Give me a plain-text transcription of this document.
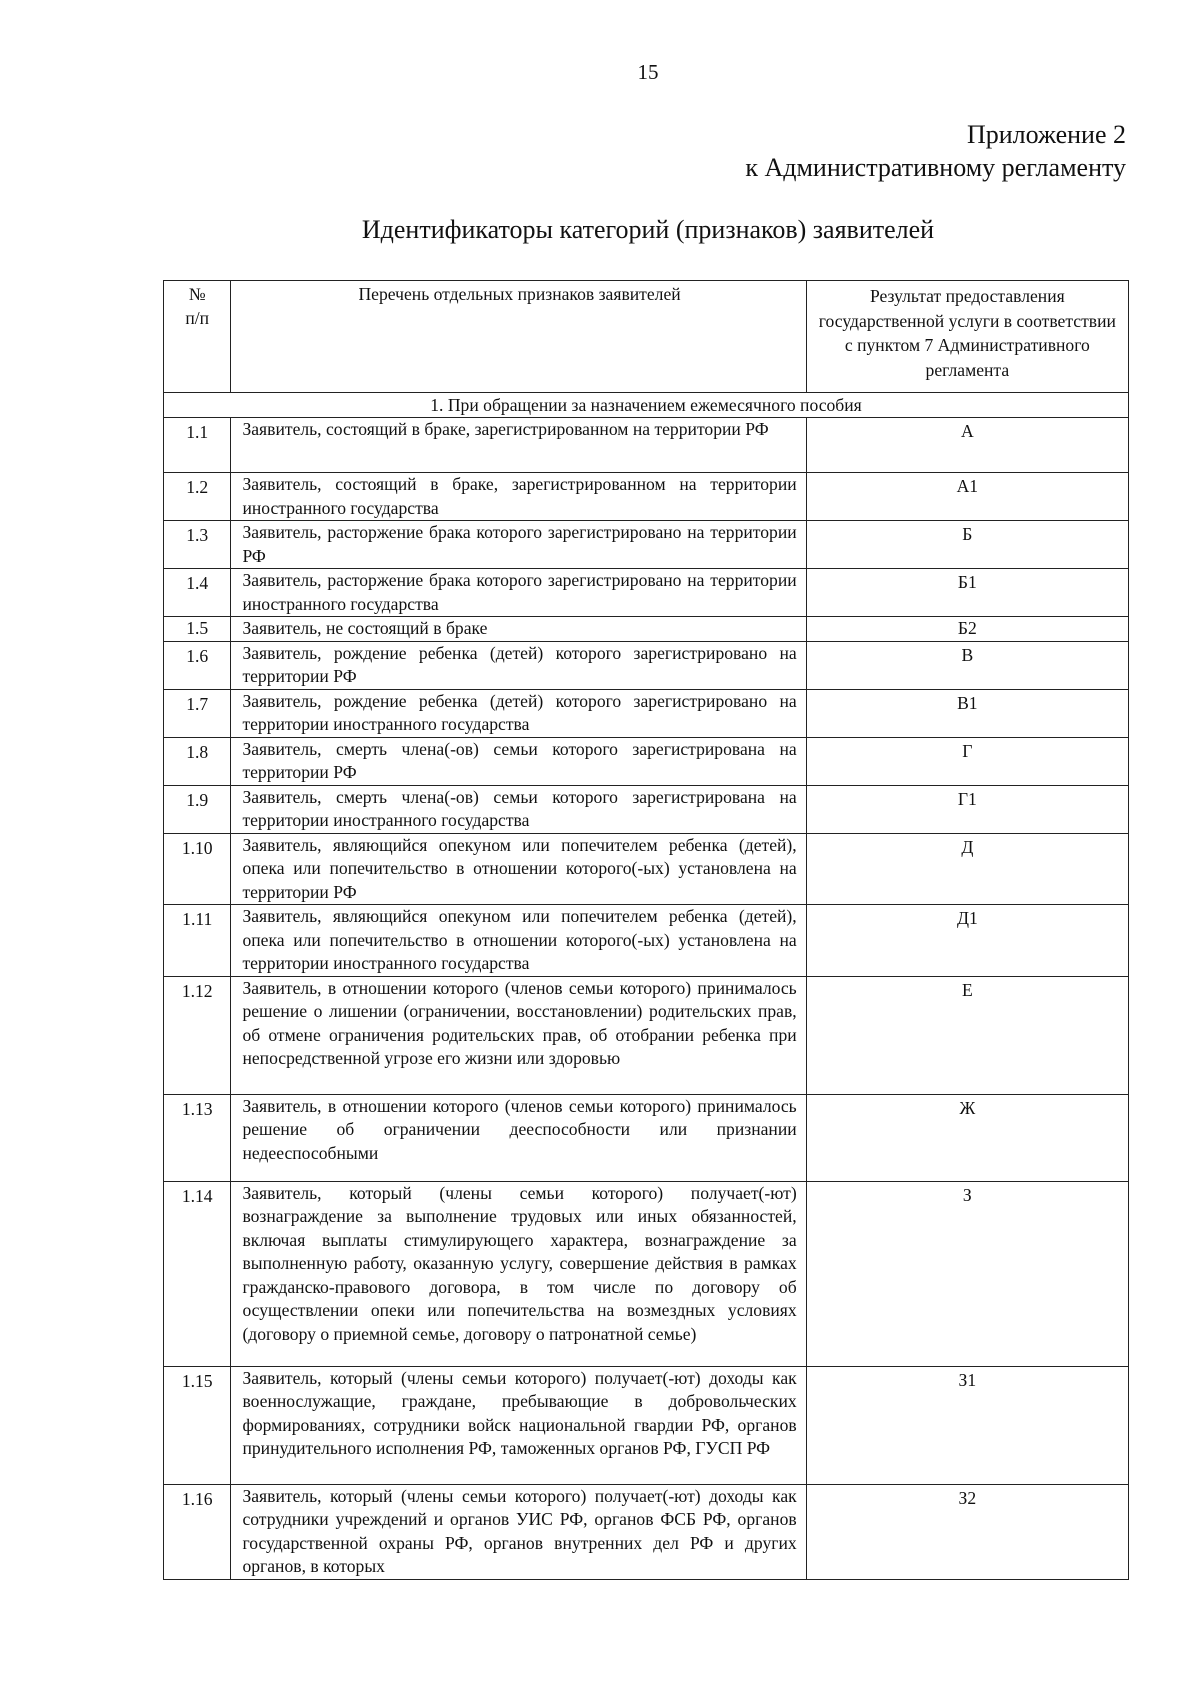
15
Приложение 2
к Административному регламенту
Идентификаторы категорий (признаков) заявителей
№
п/п	Перечень отдельных признаков заявителей	Результат предоставления государственной услуги в соответствии с пунктом 7 Административного регламента
1. При обращении за назначением ежемесячного пособия		
1.1	Заявитель, состоящий в браке, зарегистрированном на территории РФ	А

1.2	Заявитель, состоящий в браке, зарегистрированном на территории иностранного государства	А1

1.3	Заявитель, расторжение брака которого зарегистрировано на территории РФ	Б

1.4	Заявитель, расторжение брака которого зарегистрировано на территории иностранного государства	Б1

1.5	Заявитель, не состоящий в браке	Б2
1.6	Заявитель, рождение ребенка (детей) которого зарегистрировано на территории РФ	В

1.7	Заявитель, рождение ребенка (детей) которого зарегистрировано на территории иностранного государства	В1

1.8	Заявитель, смерть члена(-ов) семьи которого зарегистрирована на территории РФ	Г

1.9	Заявитель, смерть члена(-ов) семьи которого зарегистрирована на территории иностранного государства	Г1

1.10	Заявитель, являющийся опекуном или попечителем ребенка (детей), опека или попечительство в отношении которого(-ых) установлена на территории РФ	Д

1.11	Заявитель, являющийся опекуном или попечителем ребенка (детей), опека или попечительство в отношении которого(-ых) установлена на территории иностранного государства	Д1

1.12	Заявитель, в отношении которого (членов семьи которого) принималось решение о лишении (ограничении, восстановлении) родительских прав, об отмене ограничения родительских прав, об отобрании ребенка при непосредственной угрозе его жизни или здоровью	Е

1.13	Заявитель, в отношении которого (членов семьи которого) принималось решение об ограничении дееспособности или признании недееспособными	Ж

1.14	Заявитель, который (члены семьи которого) получает(-ют) вознаграждение за выполнение трудовых или иных обязанностей, включая выплаты стимулирующего характера, вознаграждение за выполненную работу, оказанную услугу, совершение действия в рамках гражданско-правового договора, в том числе по договору об осуществлении опеки или попечительства на возмездных условиях (договору о приемной семье, договору о патронатной семье)	З

1.15	Заявитель, который (члены семьи которого) получает(-ют) доходы как военнослужащие, граждане, пребывающие в добровольческих формированиях, сотрудники войск национальной гвардии РФ, органов принудительного исполнения РФ, таможенных органов РФ, ГУСП РФ	З1

1.16	Заявитель, который (члены семьи которого) получает(-ют) доходы как сотрудники учреждений и органов УИС РФ, органов ФСБ РФ, органов государственной охраны РФ, органов внутренних дел РФ и других органов, в которых	З2
